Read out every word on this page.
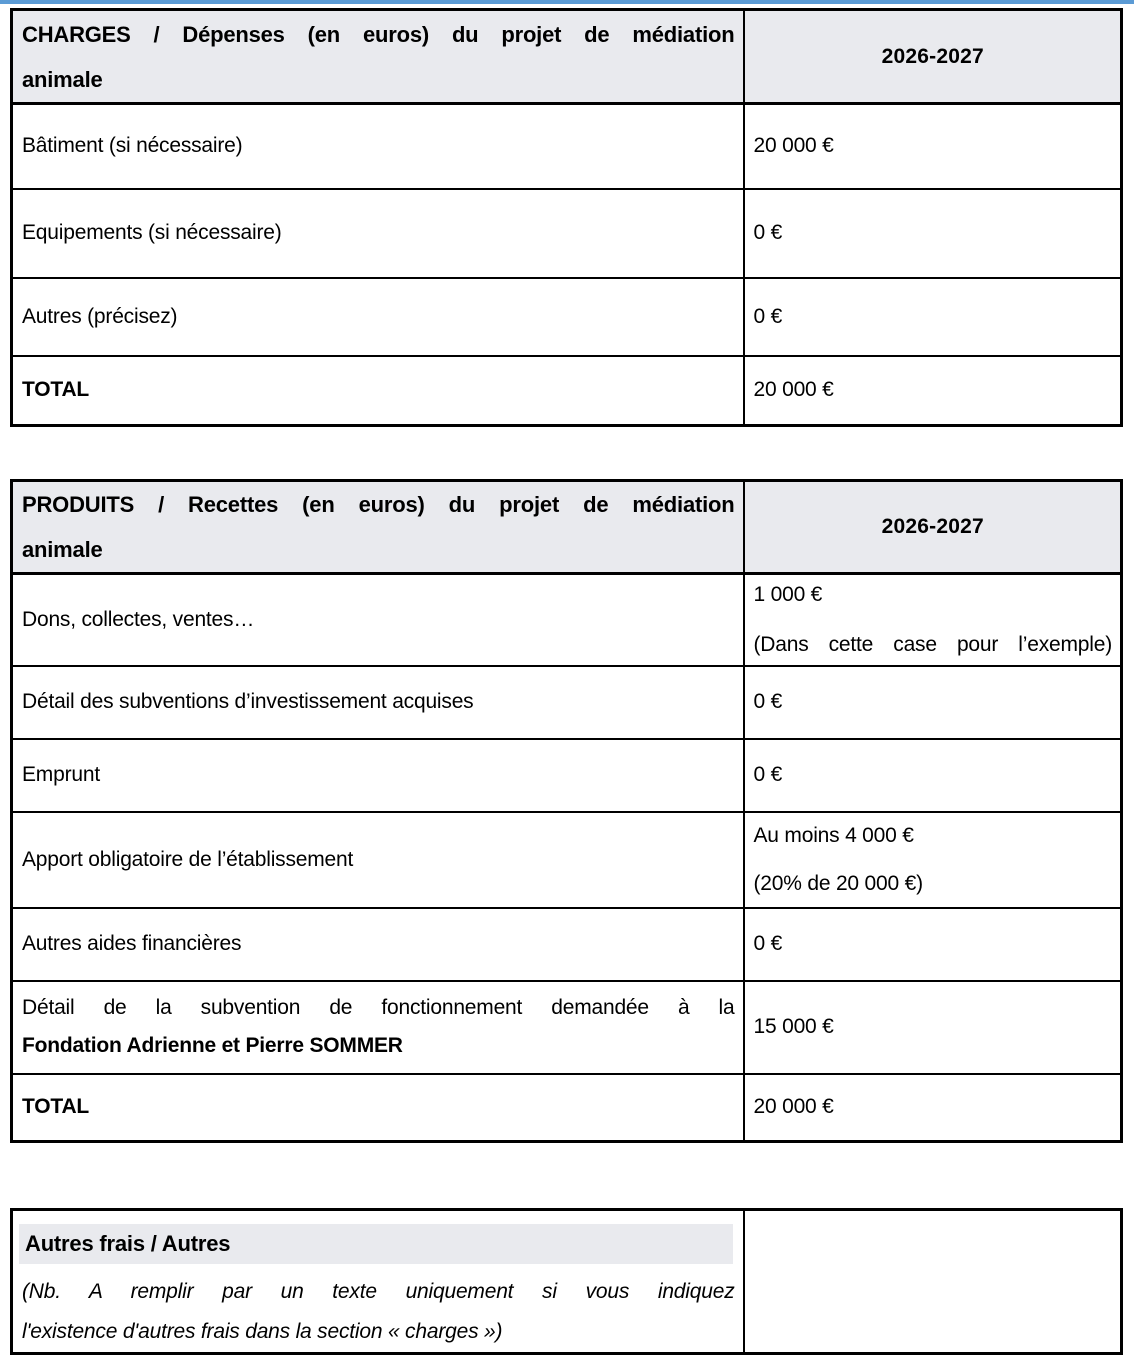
CHARGES / Dépenses (en euros) du projet de médiation
animale	2026-2027
Bâtiment (si nécessaire)	20 000 €
Equipements (si nécessaire)	0 €
Autres (précisez)	0 €
TOTAL	20 000 €
PRODUITS / Recettes (en euros) du projet de médiation
animale	2026-2027
Dons, collectes, ventes…	1 000 €
(Dans cette case pour l’exemple)

Détail des subventions d’investissement acquises	0 €
Emprunt	0 €
Apport obligatoire de l’établissement	Au moins 4 000 €
(20% de 20 000 €)

Autres aides financières	0 €

Détail de la subvention de fonctionnement demandée à la
Fondation Adrienne et Pierre SOMMER	15 000 €
TOTAL	20 000 €
Autres frais / Autres
(Nb. A remplir par un texte uniquement si vous indiquez
l'existence d'autres frais dans la section « charges »)
